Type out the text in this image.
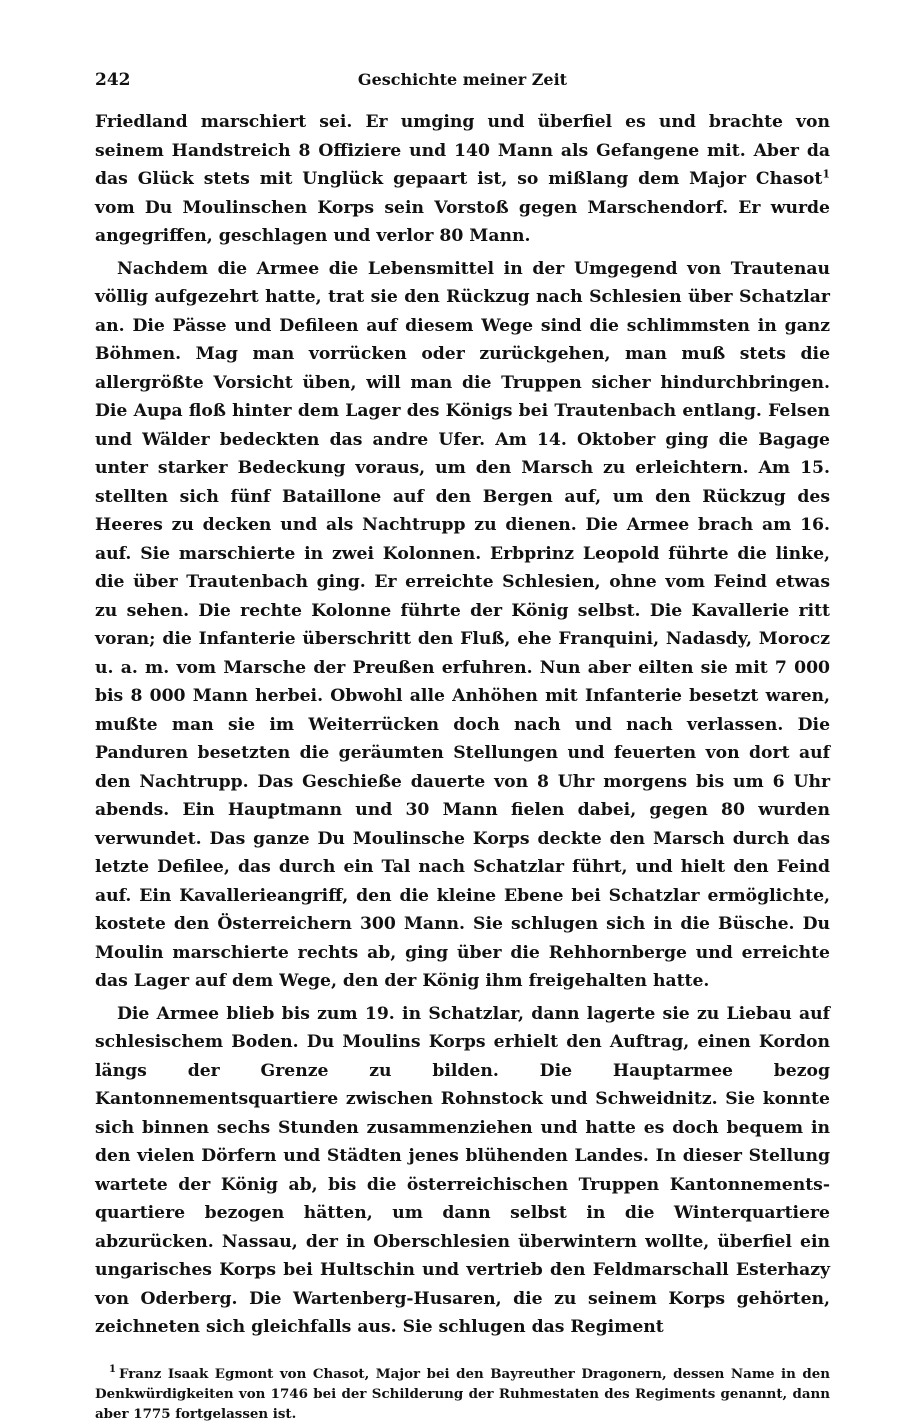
242	Geschichte meiner Zeit

Friedland marschiert sei. Er umging und überfiel es und brachte von seinem Handstreich 8 Offiziere und 140 Mann als Gefangene mit. Aber da das Glück stets mit Unglück gepaart ist, so mißlang dem Major Chasot$^1$ vom Du Moulinschen Korps sein Vorstoß gegen Marschendorf. Er wurde angegriffen, geschlagen und verlor 80 Mann.

Nachdem die Armee die Lebensmittel in der Umgegend von Trautenau völlig aufgezehrt hatte, trat sie den Rückzug nach Schlesien über Schatzlar an. Die Pässe und Defileen auf diesem Wege sind die schlimmsten in ganz Böhmen. Mag man vorrücken oder zurückgehen, man muß stets die allergrößte Vorsicht üben, will man die Truppen sicher hindurchbringen. Die Aupa floß hinter dem Lager des Königs bei Trautenbach entlang. Felsen und Wälder bedeckten das andre Ufer. Am 14. Oktober ging die Bagage unter starker Bedeckung voraus, um den Marsch zu erleichtern. Am 15. stellten sich fünf Bataillone auf den Bergen auf, um den Rückzug des Heeres zu decken und als Nachtrupp zu dienen. Die Armee brach am 16. auf. Sie marschierte in zwei Kolonnen. Erbprinz Leopold führte die linke, die über Trautenbach ging. Er erreichte Schlesien, ohne vom Feind etwas zu sehen. Die rechte Kolonne führte der König selbst. Die Kavallerie ritt voran; die Infanterie überschritt den Fluß, ehe Franquini, Nadasdy, Morocz u. a. m. vom Marsche der Preußen erfuhren. Nun aber eilten sie mit 7 000 bis 8 000 Mann herbei. Obwohl alle Anhöhen mit Infanterie besetzt waren, mußte man sie im Weiterrücken doch nach und nach verlassen. Die Panduren besetzten die geräumten Stellungen und feuerten von dort auf den Nachtrupp. Das Geschieße dauerte von 8 Uhr morgens bis um 6 Uhr abends. Ein Hauptmann und 30 Mann fielen dabei, gegen 80 wurden verwundet. Das ganze Du Moulinsche Korps deckte den Marsch durch das letzte Defilee, das durch ein Tal nach Schatzlar führt, und hielt den Feind auf. Ein Kavallerieangriff, den die kleine Ebene bei Schatzlar ermöglichte, kostete den Österreichern 300 Mann. Sie schlugen sich in die Büsche. Du Moulin marschierte rechts ab, ging über die Rehhornberge und erreichte das Lager auf dem Wege, den der König ihm freigehalten hatte.

Die Armee blieb bis zum 19. in Schatzlar, dann lagerte sie zu Liebau auf schlesischem Boden. Du Moulins Korps erhielt den Auftrag, einen Kordon längs der Grenze zu bilden. Die Hauptarmee bezog Kantonnementsquartiere zwischen Rohnstock und Schweidnitz. Sie konnte sich binnen sechs Stunden zusammenziehen und hatte es doch bequem in den vielen Dörfern und Städten jenes blühenden Landes. In dieser Stellung wartete der König ab, bis die österreichischen Truppen Kantonnementsquartiere bezogen hätten, um dann selbst in die Winterquartiere abzurücken. Nassau, der in Oberschlesien überwintern wollte, überfiel ein ungarisches Korps bei Hultschin und vertrieb den Feldmarschall Esterhazy von Oderberg. Die Wartenberg-Husaren, die zu seinem Korps gehörten, zeichneten sich gleichfalls aus. Sie schlugen das Regiment

$^1$ Franz Isaak Egmont von Chasot, Major bei den Bayreuther Dragonern, dessen Name in den Denkwürdigkeiten von 1746 bei der Schilderung der Ruhmestaten des Regiments genannt, dann aber 1775 fortgelassen ist.
